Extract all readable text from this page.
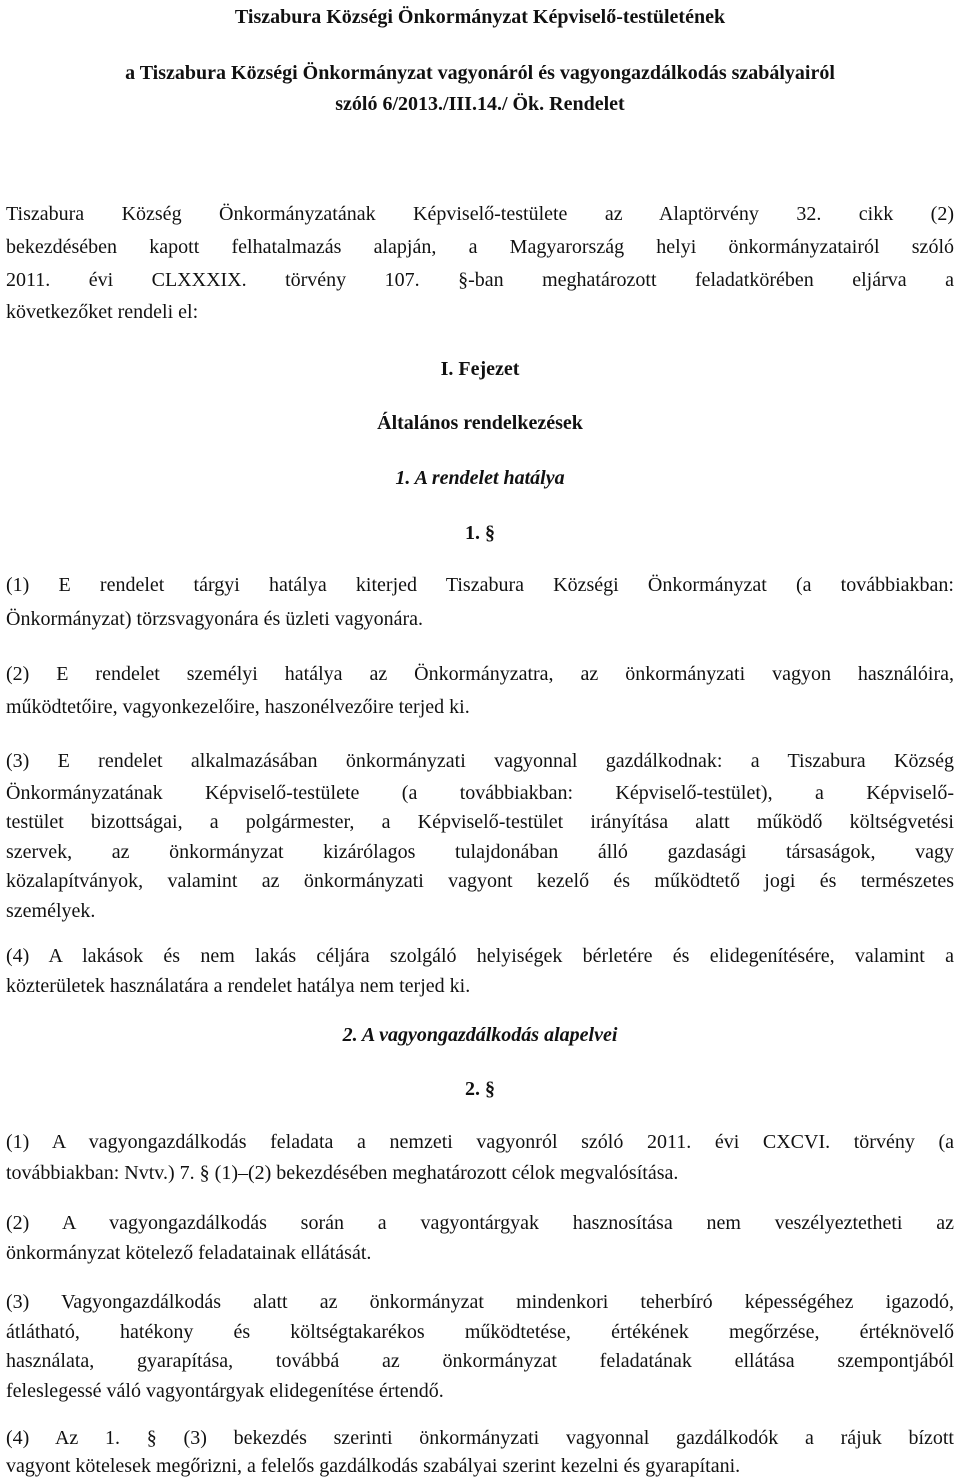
Tiszabura Községi Önkormányzat Képviselő-testületének
a Tiszabura Községi Önkormányzat vagyonáról és vagyongazdálkodás szabályairól
szóló 6/2013./III.14./ Ök. Rendelet
Tiszabura Község Önkormányzatának Képviselő-testülete az Alaptörvény 32. cikk (2)
bekezdésében kapott felhatalmazás alapján, a Magyarország helyi önkormányzatairól szóló
2011. évi CLXXXIX. törvény 107. §-ban meghatározott feladatkörében eljárva a
következőket rendeli el:
I. Fejezet
Általános rendelkezések
1. A rendelet hatálya
1. §
(1) E rendelet tárgyi hatálya kiterjed Tiszabura Községi Önkormányzat (a továbbiakban:
Önkormányzat) törzsvagyonára és üzleti vagyonára.
(2) E rendelet személyi hatálya az Önkormányzatra, az önkormányzati vagyon használóira,
működtetőire, vagyonkezelőire, haszonélvezőire terjed ki.
(3) E rendelet alkalmazásában önkormányzati vagyonnal gazdálkodnak: a Tiszabura Község
Önkormányzatának Képviselő-testülete (a továbbiakban: Képviselő-testület), a Képviselő-
testület bizottságai, a polgármester, a Képviselő-testület irányítása alatt működő költségvetési
szervek, az önkormányzat kizárólagos tulajdonában álló gazdasági társaságok, vagy
közalapítványok, valamint az önkormányzati vagyont kezelő és működtető jogi és természetes
személyek.
(4) A lakások és nem lakás céljára szolgáló helyiségek bérletére és elidegenítésére, valamint a
közterületek használatára a rendelet hatálya nem terjed ki.
2. A vagyongazdálkodás alapelvei
2. §
(1) A vagyongazdálkodás feladata a nemzeti vagyonról szóló 2011. évi CXCVI. törvény (a
továbbiakban: Nvtv.) 7. § (1)–(2) bekezdésében meghatározott célok megvalósítása.
(2) A vagyongazdálkodás során a vagyontárgyak hasznosítása nem veszélyeztetheti az
önkormányzat kötelező feladatainak ellátását.
(3) Vagyongazdálkodás alatt az önkormányzat mindenkori teherbíró képességéhez igazodó,
átlátható, hatékony és költségtakarékos működtetése, értékének megőrzése, értéknövelő
használata, gyarapítása, továbbá az önkormányzat feladatának ellátása szempontjából
feleslegessé váló vagyontárgyak elidegenítése értendő.
(4) Az 1. § (3) bekezdés szerinti önkormányzati vagyonnal gazdálkodók a rájuk bízott
vagyont kötelesek megőrizni, a felelős gazdálkodás szabályai szerint kezelni és gyarapítani.
